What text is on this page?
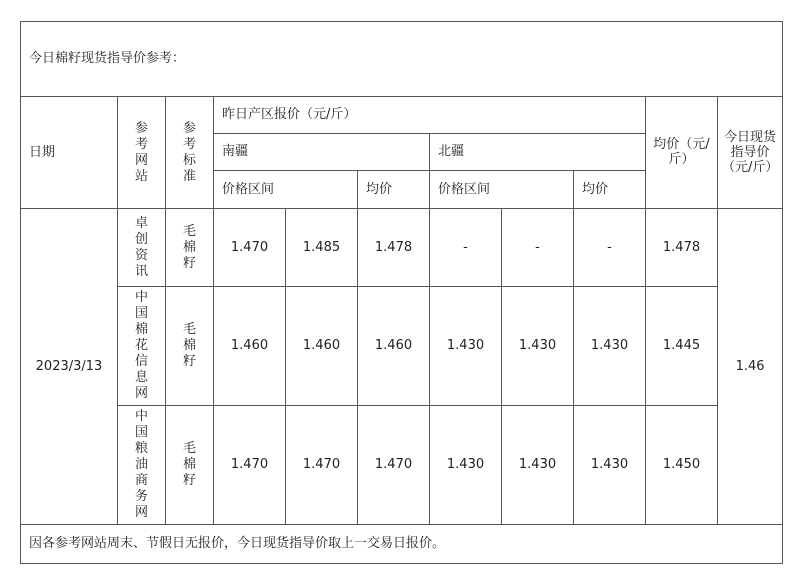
今日棉籽现货指导价参考：										
日期	参考网站	参考标准	昨日产区报价（元/斤）						均价（元/斤）	今日现货指导价（元/斤）
			南疆			北疆				
			价格区间		均价	价格区间		均价		
2023/3/13	卓创资讯	毛棉籽	1.470	1.485	1.478	-	-	-	1.478	1.46
	中国棉花信息网	毛棉籽	1.460	1.460	1.460	1.430	1.430	1.430	1.445	
	中国粮油商务网	毛棉籽	1.470	1.470	1.470	1.430	1.430	1.430	1.450	
因各参考网站周末、节假日无报价，今日现货指导价取上一交易日报价。										
